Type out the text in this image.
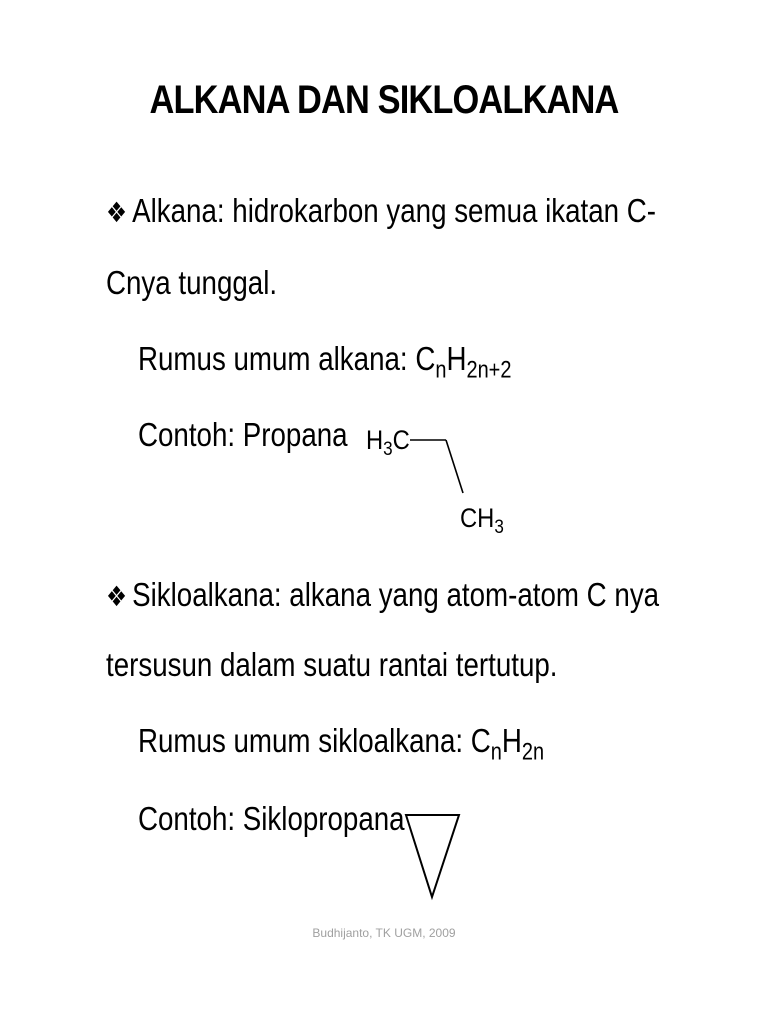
ALKANA DAN SIKLOALKANA
❖ Alkana: hidrokarbon yang semua ikatan C-
Cnya tunggal.
Rumus umum alkana: $C_nH_{2n+2}$
Contoh: Propana $H_3C$
$CH_3$
❖ Sikloalkana: alkana yang atom-atom C nya
tersusun dalam suatu rantai tertutup.
Rumus umum sikloalkana: $C_nH_{2n}$
Contoh: Siklopropana
Budhijanto, TK UGM, 2009
